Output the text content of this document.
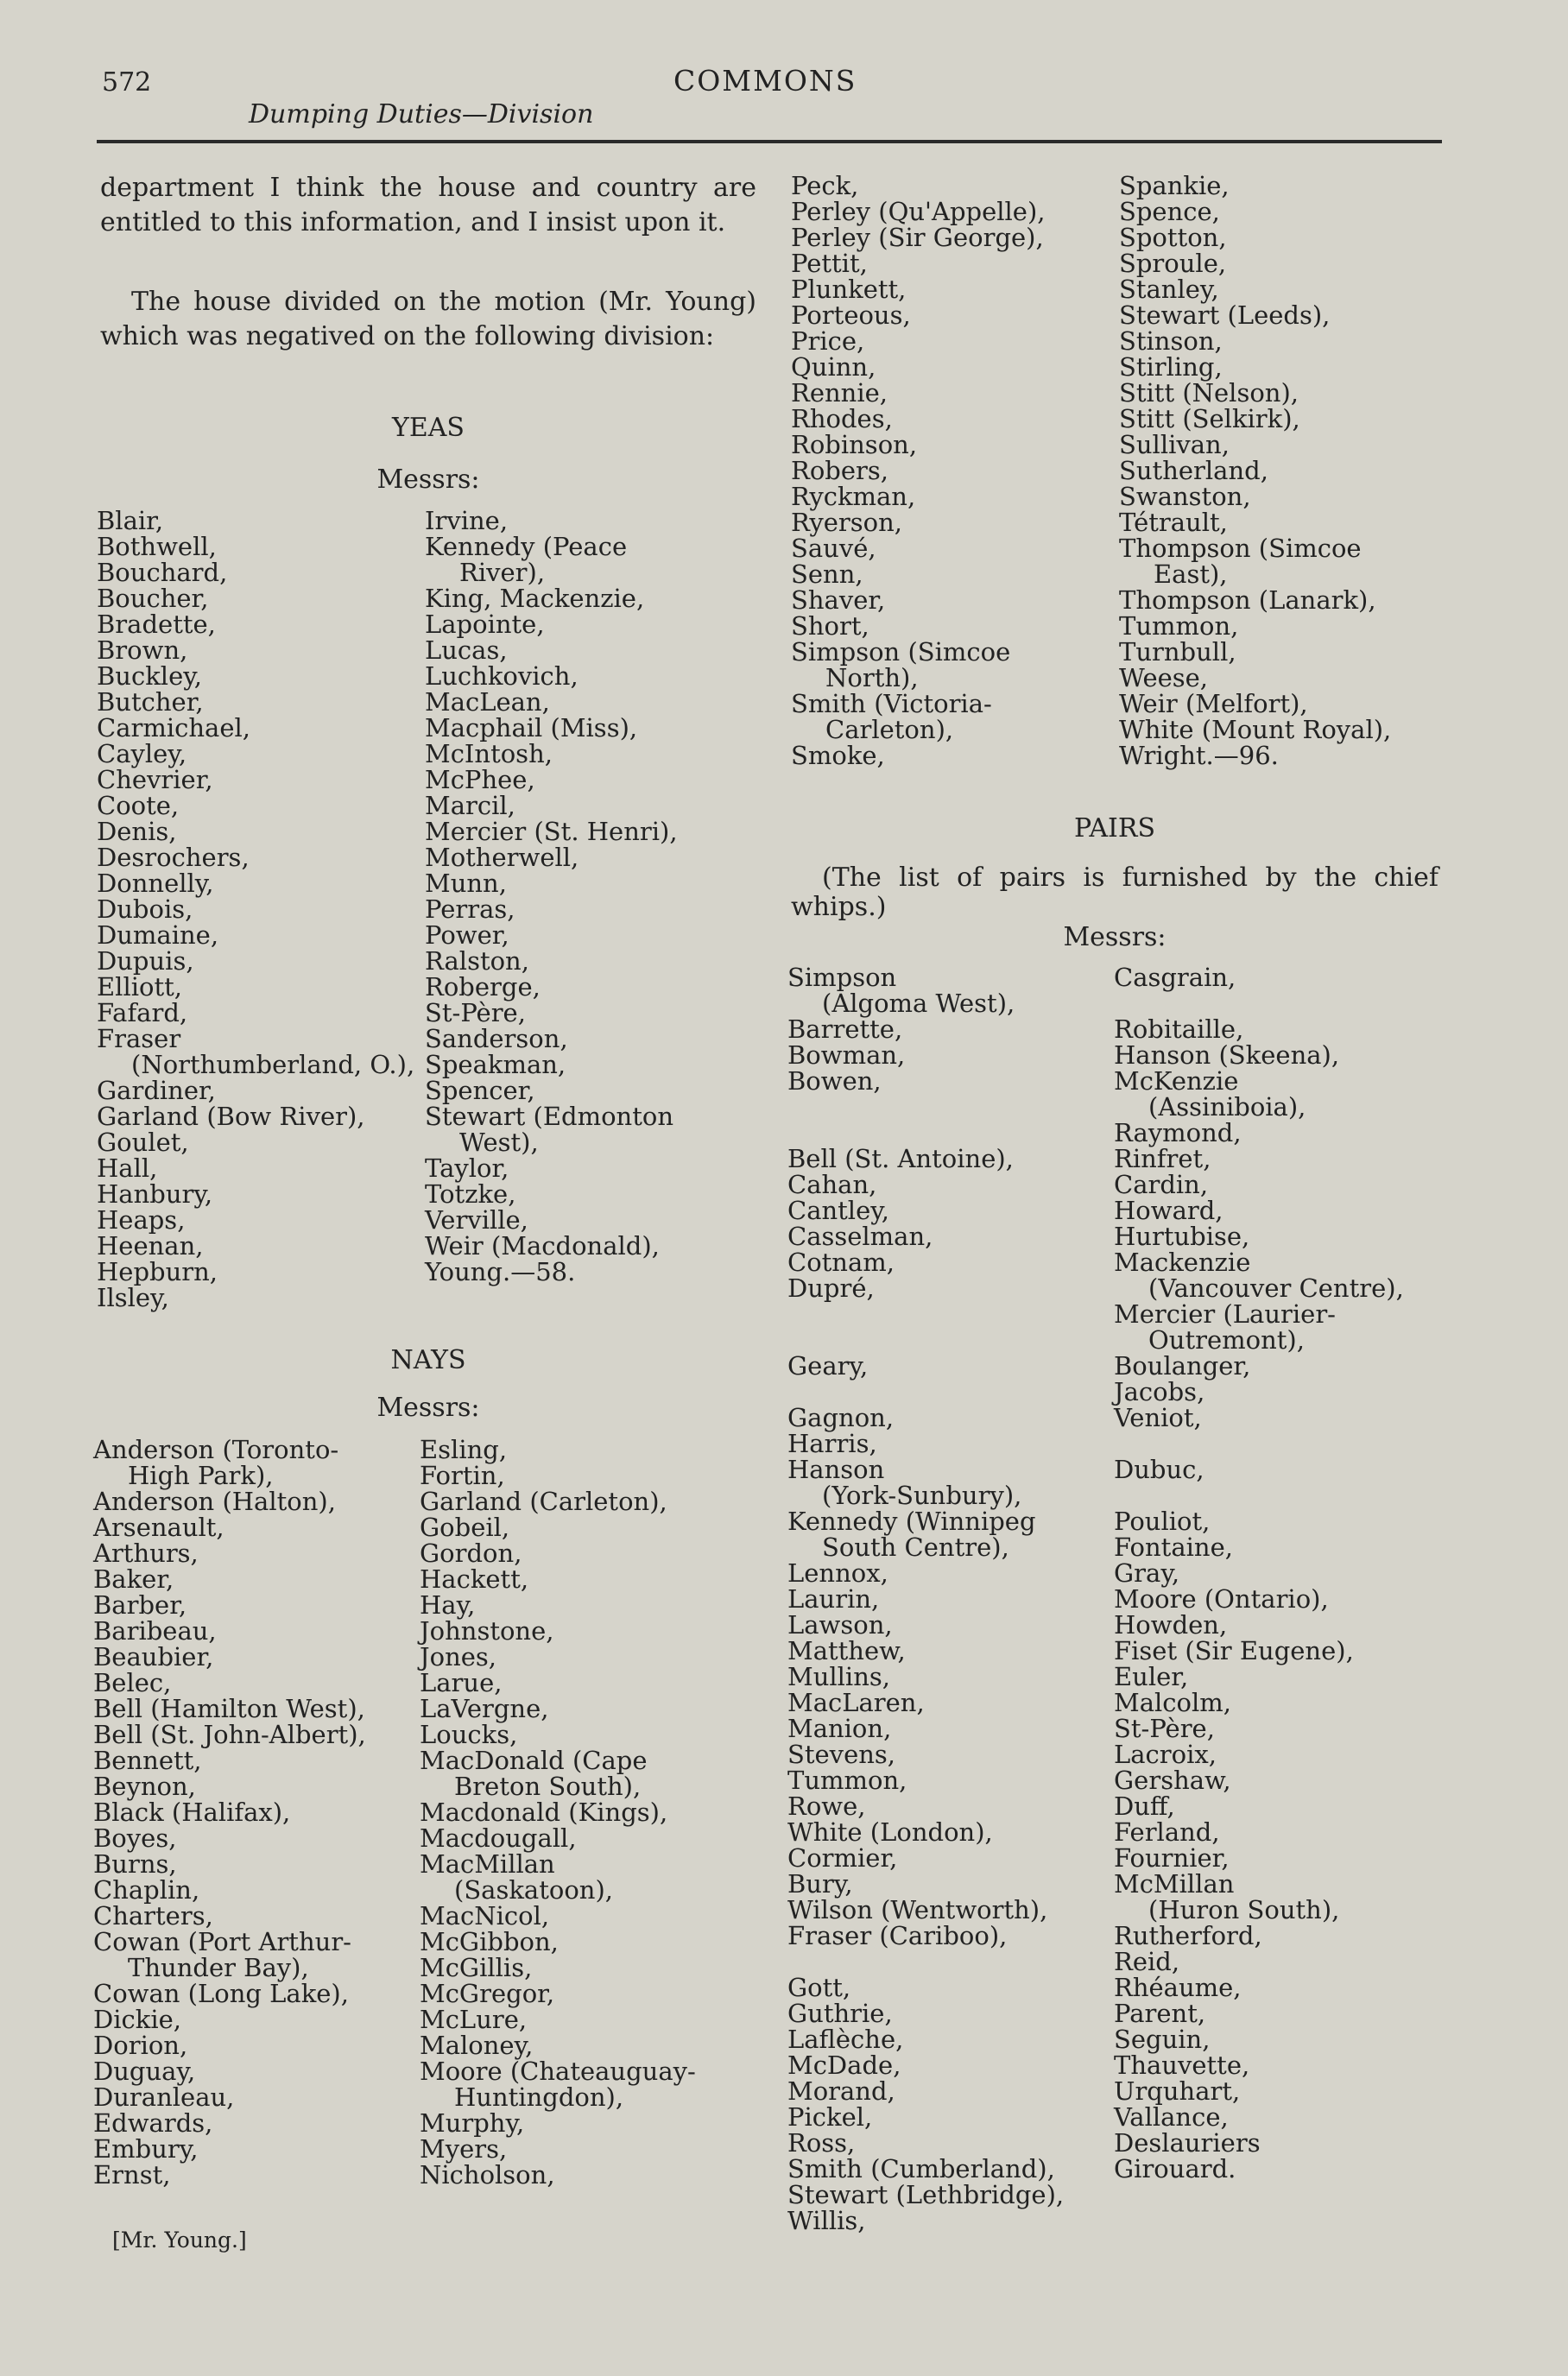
572	COMMONS
Dumping Duties—Division
department I think the house and country are entitled to this information, and I insist upon it.
The house divided on the motion (Mr. Young) which was negatived on the following division:
YEAS
Messrs:
Blair,
Bothwell,
Bouchard,
Boucher,
Bradette,
Brown,
Buckley,
Butcher,
Carmichael,
Cayley,
Chevrier,
Coote,
Denis,
Desrochers,
Donnelly,
Dubois,
Dumaine,
Dupuis,
Elliott,
Fafard,
Fraser
(Northumberland, O.),
Gardiner,
Garland (Bow River),
Goulet,
Hall,
Hanbury,
Heaps,
Heenan,
Hepburn,
Ilsley,
Irvine,
Kennedy (Peace
River),
King, Mackenzie,
Lapointe,
Lucas,
Luchkovich,
MacLean,
Macphail (Miss),
McIntosh,
McPhee,
Marcil,
Mercier (St. Henri),
Motherwell,
Munn,
Perras,
Power,
Ralston,
Roberge,
St-Père,
Sanderson,
Speakman,
Spencer,
Stewart (Edmonton
West),
Taylor,
Totzke,
Verville,
Weir (Macdonald),
Young.—58.
NAYS
Messrs:
Anderson (Toronto-
High Park),
Anderson (Halton),
Arsenault,
Arthurs,
Baker,
Barber,
Baribeau,
Beaubier,
Belec,
Bell (Hamilton West),
Bell (St. John-Albert),
Bennett,
Beynon,
Black (Halifax),
Boyes,
Burns,
Chaplin,
Charters,
Cowan (Port Arthur-
Thunder Bay),
Cowan (Long Lake),
Dickie,
Dorion,
Duguay,
Duranleau,
Edwards,
Embury,
Ernst,
Esling,
Fortin,
Garland (Carleton),
Gobeil,
Gordon,
Hackett,
Hay,
Johnstone,
Jones,
Larue,
LaVergne,
Loucks,
MacDonald (Cape
Breton South),
Macdonald (Kings),
Macdougall,
MacMillan
(Saskatoon),
MacNicol,
McGibbon,
McGillis,
McGregor,
McLure,
Maloney,
Moore (Chateauguay-
Huntingdon),
Murphy,
Myers,
Nicholson,
Peck,
Perley (Qu'Appelle),
Perley (Sir George),
Pettit,
Plunkett,
Porteous,
Price,
Quinn,
Rennie,
Rhodes,
Robinson,
Robers,
Ryckman,
Ryerson,
Sauvé,
Senn,
Shaver,
Short,
Simpson (Simcoe
North),
Smith (Victoria-
Carleton),
Smoke,
Spankie,
Spence,
Spotton,
Sproule,
Stanley,
Stewart (Leeds),
Stinson,
Stirling,
Stitt (Nelson),
Stitt (Selkirk),
Sullivan,
Sutherland,
Swanston,
Tétrault,
Thompson (Simcoe
East),
Thompson (Lanark),
Tummon,
Turnbull,
Weese,
Weir (Melfort),
White (Mount Royal),
Wright.—96.
PAIRS
(The list of pairs is furnished by the chief whips.)
Messrs:
Simpson
(Algoma West),
Barrette,
Bowman,
Bowen,

Bell (St. Antoine),
Cahan,
Cantley,
Casselman,
Cotnam,
Dupré,

Geary,

Gagnon,
Harris,
Hanson
(York-Sunbury),
Kennedy (Winnipeg
South Centre),
Lennox,
Laurin,
Lawson,
Matthew,
Mullins,
MacLaren,
Manion,
Stevens,
Tummon,
Rowe,
White (London),
Cormier,
Bury,
Wilson (Wentworth),
Fraser (Cariboo),

Gott,
Guthrie,
Laflèche,
McDade,
Morand,
Pickel,
Ross,
Smith (Cumberland),
Stewart (Lethbridge),
Willis,
Casgrain,

Robitaille,
Hanson (Skeena),
McKenzie
(Assiniboia),
Raymond,
Rinfret,
Cardin,
Howard,
Hurtubise,
Mackenzie
(Vancouver Centre),
Mercier (Laurier-
Outremont),
Boulanger,
Jacobs,
Veniot,

Dubuc,

Pouliot,
Fontaine,
Gray,
Moore (Ontario),
Howden,
Fiset (Sir Eugene),
Euler,
Malcolm,
St-Père,
Lacroix,
Gershaw,
Duff,
Ferland,
Fournier,
McMillan
(Huron South),
Rutherford,
Reid,
Rhéaume,
Parent,
Seguin,
Thauvette,
Urquhart,
Vallance,
Deslauriers
Girouard.
[Mr. Young.]
